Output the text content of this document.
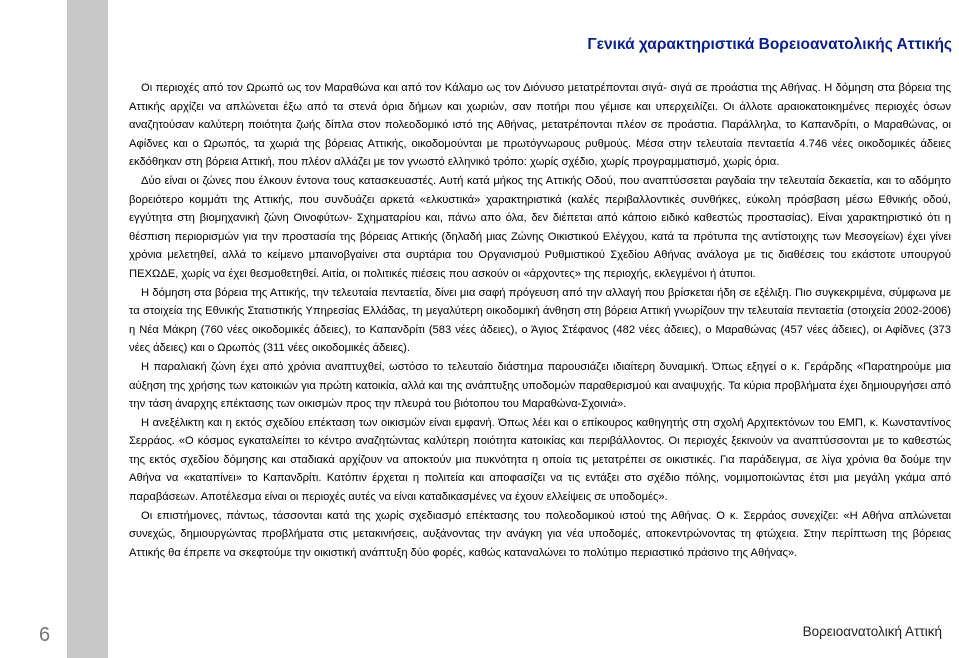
Γενικά χαρακτηριστικά Βορειοανατολικής Αττικής

Οι περιοχές από τον Ωρωπό ως τον Μαραθώνα και από τον Κάλαμο ως τον Διόνυσο μετατρέπονται σιγά- σιγά σε προάστια της Αθήνας. Η δόμηση στα βόρεια της Αττικής αρχίζει να απλώνεται έξω από τα στενά όρια δήμων και χωριών, σαν ποτήρι που γέμισε και υπερχειλίζει. Οι άλλοτε αραιοκατοικημένες περιοχές όσων αναζητούσαν καλύτερη ποιότητα ζωής δίπλα στον πολεοδομικό ιστό της Αθήνας, μετατρέπονται πλέον σε προάστια. Παράλληλα, το Καπανδρίτι, ο Μαραθώνας, οι Αφίδνες και ο Ωρωπός, τα χωριά της βόρειας Αττικής, οικοδομούνται με πρωτόγνωρους ρυθμούς. Μέσα στην τελευταία πενταετία 4.746 νέες οικοδομικές άδειες εκδόθηκαν στη βόρεια Αττική, που πλέον αλλάζει με τον γνωστό ελληνικό τρόπο: χωρίς σχέδιο, χωρίς προγραμματισμό, χωρίς όρια.

Δύο είναι οι ζώνες που έλκουν έντονα τους κατασκευαστές. Αυτή κατά μήκος της Αττικής Οδού, που αναπτύσσεται ραγδαία την τελευταία δεκαετία, και το αδόμητο βορειότερο κομμάτι της Αττικής, που συνδυάζει αρκετά «ελκυστικά» χαρακτηριστικά (καλές περιβαλλοντικές συνθήκες, εύκολη πρόσβαση μέσω Εθνικής οδού, εγγύτητα στη βιομηχανική ζώνη Οινοφύτων- Σχηματαρίου και, πάνω απο όλα, δεν διέπεται από κάποιο ειδικό καθεστώς προστασίας). Είναι χαρακτηριστικό ότι η θέσπιση περιορισμών για την προστασία της βόρειας Αττικής (δηλαδή μιας Ζώνης Οικιστικού Ελέγχου, κατά τα πρότυπα της αντίστοιχης των Μεσογείων) έχει γίνει χρόνια μελετηθεί, αλλά το κείμενο μπαινοβγαίνει στα συρτάρια του Οργανισμού Ρυθμιστικού Σχεδίου Αθήνας ανάλογα με τις διαθέσεις του εκάστοτε υπουργού ΠΕΧΩΔΕ, χωρίς να έχει θεσμοθετηθεί. Αιτία, οι πολιτικές πιέσεις που ασκούν οι «άρχοντες» της περιοχής, εκλεγμένοι ή άτυποι.

Η δόμηση στα βόρεια της Αττικής, την τελευταία πενταετία, δίνει μια σαφή πρόγευση από την αλλαγή που βρίσκεται ήδη σε εξέλιξη. Πιο συγκεκριμένα, σύμφωνα με τα στοιχεία της Εθνικής Στατιστικής Υπηρεσίας Ελλάδας, τη μεγαλύτερη οικοδομική άνθηση στη βόρεια Αττική γνωρίζουν την τελευταία πενταετία (στοιχεία 2002-2006) η Νέα Μάκρη (760 νέες οικοδομικές άδειες), το Καπανδρίτι (583 νέες άδειες), ο Άγιος Στέφανος (482 νέες άδειες), ο Μαραθώνας (457 νέες άδειες), οι Αφίδνες (373 νέες άδειες) και ο Ωρωπός (311 νέες οικοδομικές άδειες).

Η παραλιακή ζώνη έχει από χρόνια αναπτυχθεί, ωστόσο το τελευταίο διάστημα παρουσιάζει ιδιαίτερη δυναμική. Όπως εξηγεί ο κ. Γεράρδης «Παρατηρούμε μια αύξηση της χρήσης των κατοικιών για πρώτη κατοικία, αλλά και της ανάπτυξης υποδομών παραθερισμού και αναψυχής. Τα κύρια προβλήματα έχει δημιουργήσει από την τάση άναρχης επέκτασης των οικισμών προς την πλευρά του βιότοπου του Μαραθώνα-Σχοινιά».

Η ανεξέλικτη και η εκτός σχεδίου επέκταση των οικισμών είναι εμφανή. Όπως λέει και ο επίκουρος καθηγητής στη σχολή Αρχιτεκτόνων του ΕΜΠ, κ. Κωνσταντίνος Σερράος. «Ο κόσμος εγκαταλείπει το κέντρο αναζητώντας καλύτερη ποιότητα κατοικίας και περιβάλλοντος. Οι περιοχές ξεκινούν να αναπτύσσονται με το καθεστώς της εκτός σχεδίου δόμησης και σταδιακά αρχίζουν να αποκτούν μια πυκνότητα η οποία τις μετατρέπει σε οικιστικές. Για παράδειγμα, σε λίγα χρόνια θα δούμε την Αθήνα να «καταπίνει» το Καπανδρίτι. Κατόπιν έρχεται η πολιτεία και αποφασίζει να τις εντάξει στο σχέδιο πόλης, νομιμοποιώντας έτσι μια μεγάλη γκάμα από παραβάσεων. Αποτέλεσμα είναι οι περιοχές αυτές να είναι καταδικασμένες να έχουν ελλείψεις σε υποδομές».

Οι επιστήμονες, πάντως, τάσσονται κατά της χωρίς σχεδιασμό επέκτασης του πολεοδομικού ιστού της Αθήνας. Ο κ. Σερράος συνεχίζει: «Η Αθήνα απλώνεται συνεχώς, δημιουργώντας προβλήματα στις μετακινήσεις, αυξάνοντας την ανάγκη για νέα υποδομές, αποκεντρώνοντας τη φτώχεια. Στην περίπτωση της βόρειας Αττικής θα έπρεπε να σκεφτούμε την οικιστική ανάπτυξη δύο φορές, καθώς καταναλώνει το πολύτιμο περιαστικό πράσινο της Αθήνας».

6	Βορειοανατολική Αττική
